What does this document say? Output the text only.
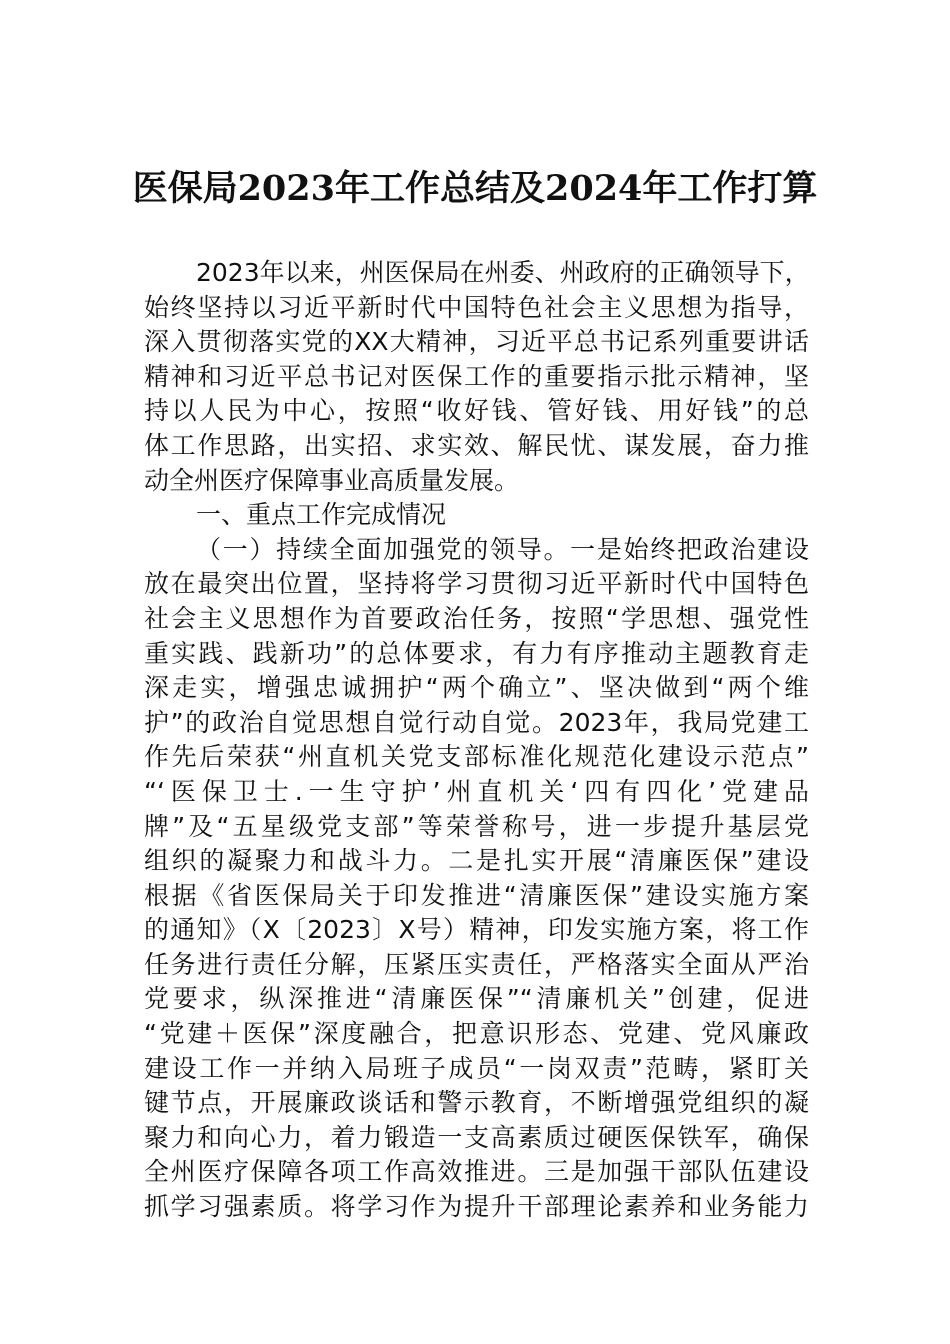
医保局2023年工作总结及2024年工作打算
2023年以来，州医保局在州委、州政府的正确领导下，
始终坚持以习近平新时代中国特色社会主义思想为指导，
深入贯彻落实党的XX大精神，习近平总书记系列重要讲话
精神和习近平总书记对医保工作的重要指示批示精神，坚
持以人民为中心，按照“收好钱、管好钱、用好钱”的总
体工作思路，出实招、求实效、解民忧、谋发展，奋力推
动全州医疗保障事业高质量发展。
一、重点工作完成情况
（一）持续全面加强党的领导。一是始终把政治建设
放在最突出位置，坚持将学习贯彻习近平新时代中国特色
社会主义思想作为首要政治任务，按照“学思想、强党性
重实践、践新功”的总体要求，有力有序推动主题教育走
深走实，增强忠诚拥护“两个确立”、坚决做到“两个维
护”的政治自觉思想自觉行动自觉。2023年，我局党建工
作先后荣获“州直机关党支部标准化规范化建设示范点”
“‘医保卫士.一生守护’州直机关‘四有四化’党建品
牌”及“五星级党支部”等荣誉称号，进一步提升基层党
组织的凝聚力和战斗力。二是扎实开展“清廉医保”建设
根据《省医保局关于印发推进“清廉医保”建设实施方案
的通知》（X〔2023〕X号）精神，印发实施方案，将工作
任务进行责任分解，压紧压实责任，严格落实全面从严治
党要求，纵深推进“清廉医保”“清廉机关”创建，促进
“党建＋医保”深度融合，把意识形态、党建、党风廉政
建设工作一并纳入局班子成员“一岗双责”范畴，紧盯关
键节点，开展廉政谈话和警示教育，不断增强党组织的凝
聚力和向心力，着力锻造一支高素质过硬医保铁军，确保
全州医疗保障各项工作高效推进。三是加强干部队伍建设
抓学习强素质。将学习作为提升干部理论素养和业务能力
